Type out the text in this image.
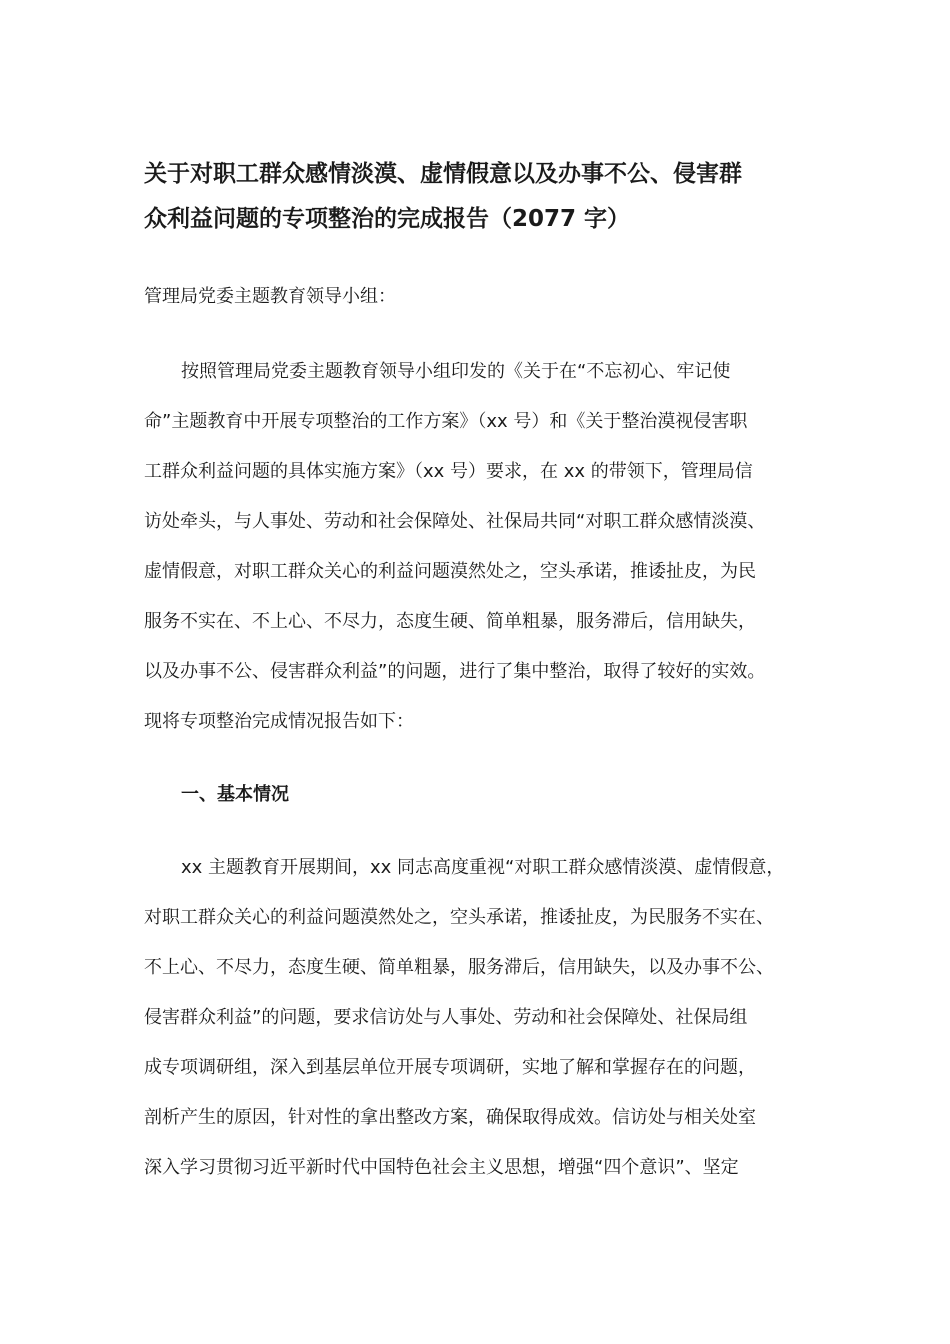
关于对职工群众感情淡漠、虚情假意以及办事不公、侵害群
众利益问题的专项整治的完成报告（2077 字）

管理局党委主题教育领导小组：

按照管理局党委主题教育领导小组印发的《关于在“不忘初心、牢记使
命”主题教育中开展专项整治的工作方案》（xx 号）和《关于整治漠视侵害职
工群众利益问题的具体实施方案》（xx 号）要求，在 xx 的带领下，管理局信
访处牵头，与人事处、劳动和社会保障处、社保局共同“对职工群众感情淡漠、
虚情假意，对职工群众关心的利益问题漠然处之，空头承诺，推诿扯皮，为民
服务不实在、不上心、不尽力，态度生硬、简单粗暴，服务滞后，信用缺失，
以及办事不公、侵害群众利益”的问题，进行了集中整治，取得了较好的实效。
现将专项整治完成情况报告如下：
一、基本情况
xx 主题教育开展期间，xx 同志高度重视“对职工群众感情淡漠、虚情假意，
对职工群众关心的利益问题漠然处之，空头承诺，推诿扯皮，为民服务不实在、
不上心、不尽力，态度生硬、简单粗暴，服务滞后，信用缺失，以及办事不公、
侵害群众利益”的问题，要求信访处与人事处、劳动和社会保障处、社保局组
成专项调研组，深入到基层单位开展专项调研，实地了解和掌握存在的问题，
剖析产生的原因，针对性的拿出整改方案，确保取得成效。信访处与相关处室
深入学习贯彻习近平新时代中国特色社会主义思想，增强“四个意识”、坚定
